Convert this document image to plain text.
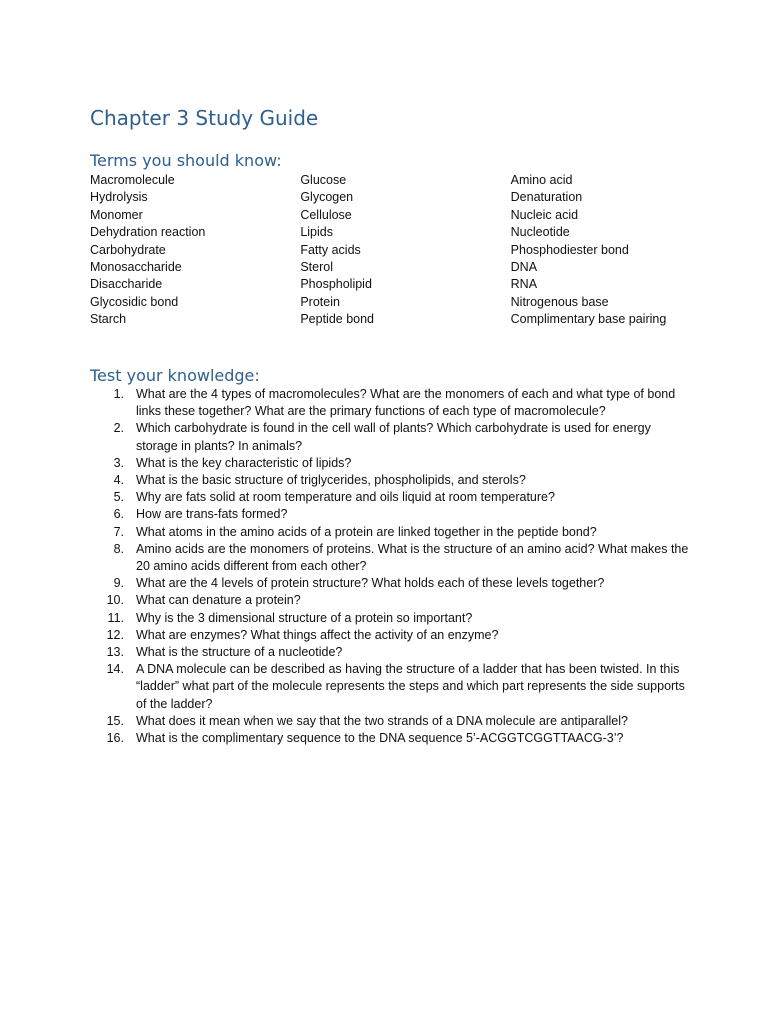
Chapter 3 Study Guide
Terms you should know:
Macromolecule
Hydrolysis
Monomer
Dehydration reaction
Carbohydrate
Monosaccharide
Disaccharide
Glycosidic bond
Starch
Glucose
Glycogen
Cellulose
Lipids
Fatty acids
Sterol
Phospholipid
Protein
Peptide bond
Amino acid
Denaturation
Nucleic acid
Nucleotide
Phosphodiester bond
DNA
RNA
Nitrogenous base
Complimentary base pairing
Test your knowledge:
1. What are the 4 types of macromolecules? What are the monomers of each and what type of bond links these together? What are the primary functions of each type of macromolecule?
2. Which carbohydrate is found in the cell wall of plants? Which carbohydrate is used for energy storage in plants? In animals?
3. What is the key characteristic of lipids?
4. What is the basic structure of triglycerides, phospholipids, and sterols?
5. Why are fats solid at room temperature and oils liquid at room temperature?
6. How are trans-fats formed?
7. What atoms in the amino acids of a protein are linked together in the peptide bond?
8. Amino acids are the monomers of proteins. What is the structure of an amino acid? What makes the 20 amino acids different from each other?
9. What are the 4 levels of protein structure? What holds each of these levels together?
10. What can denature a protein?
11. Why is the 3 dimensional structure of a protein so important?
12. What are enzymes? What things affect the activity of an enzyme?
13. What is the structure of a nucleotide?
14. A DNA molecule can be described as having the structure of a ladder that has been twisted. In this “ladder” what part of the molecule represents the steps and which part represents the side supports of the ladder?
15. What does it mean when we say that the two strands of a DNA molecule are antiparallel?
16. What is the complimentary sequence to the DNA sequence 5’-ACGGTCGGTTAACG-3’?
